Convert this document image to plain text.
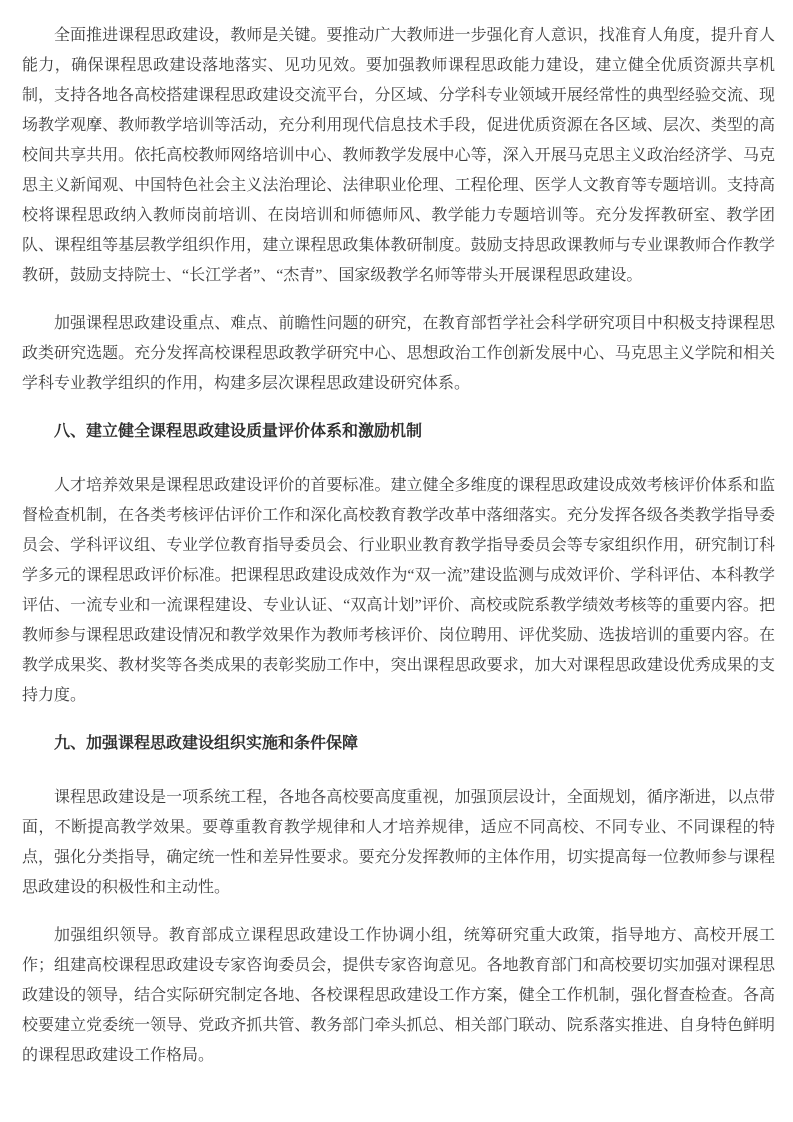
全面推进课程思政建设，教师是关键。要推动广大教师进一步强化育人意识，找准育人角度，提升育人能力，确保课程思政建设落地落实、见功见效。要加强教师课程思政能力建设，建立健全优质资源共享机制，支持各地各高校搭建课程思政建设交流平台，分区域、分学科专业领域开展经常性的典型经验交流、现场教学观摩、教师教学培训等活动，充分利用现代信息技术手段，促进优质资源在各区域、层次、类型的高校间共享共用。依托高校教师网络培训中心、教师教学发展中心等，深入开展马克思主义政治经济学、马克思主义新闻观、中国特色社会主义法治理论、法律职业伦理、工程伦理、医学人文教育等专题培训。支持高校将课程思政纳入教师岗前培训、在岗培训和师德师风、教学能力专题培训等。充分发挥教研室、教学团队、课程组等基层教学组织作用，建立课程思政集体教研制度。鼓励支持思政课教师与专业课教师合作教学教研，鼓励支持院士、“长江学者”、“杰青”、国家级教学名师等带头开展课程思政建设。

加强课程思政建设重点、难点、前瞻性问题的研究，在教育部哲学社会科学研究项目中积极支持课程思政类研究选题。充分发挥高校课程思政教学研究中心、思想政治工作创新发展中心、马克思主义学院和相关学科专业教学组织的作用，构建多层次课程思政建设研究体系。

八、建立健全课程思政建设质量评价体系和激励机制

人才培养效果是课程思政建设评价的首要标准。建立健全多维度的课程思政建设成效考核评价体系和监督检查机制，在各类考核评估评价工作和深化高校教育教学改革中落细落实。充分发挥各级各类教学指导委员会、学科评议组、专业学位教育指导委员会、行业职业教育教学指导委员会等专家组织作用，研究制订科学多元的课程思政评价标准。把课程思政建设成效作为“双一流”建设监测与成效评价、学科评估、本科教学评估、一流专业和一流课程建设、专业认证、“双高计划”评价、高校或院系教学绩效考核等的重要内容。把教师参与课程思政建设情况和教学效果作为教师考核评价、岗位聘用、评优奖励、选拔培训的重要内容。在教学成果奖、教材奖等各类成果的表彰奖励工作中，突出课程思政要求，加大对课程思政建设优秀成果的支持力度。

九、加强课程思政建设组织实施和条件保障

课程思政建设是一项系统工程，各地各高校要高度重视，加强顶层设计，全面规划，循序渐进，以点带面，不断提高教学效果。要尊重教育教学规律和人才培养规律，适应不同高校、不同专业、不同课程的特点，强化分类指导，确定统一性和差异性要求。要充分发挥教师的主体作用，切实提高每一位教师参与课程思政建设的积极性和主动性。

加强组织领导。教育部成立课程思政建设工作协调小组，统筹研究重大政策，指导地方、高校开展工作；组建高校课程思政建设专家咨询委员会，提供专家咨询意见。各地教育部门和高校要切实加强对课程思政建设的领导，结合实际研究制定各地、各校课程思政建设工作方案，健全工作机制，强化督查检查。各高校要建立党委统一领导、党政齐抓共管、教务部门牵头抓总、相关部门联动、院系落实推进、自身特色鲜明的课程思政建设工作格局。
